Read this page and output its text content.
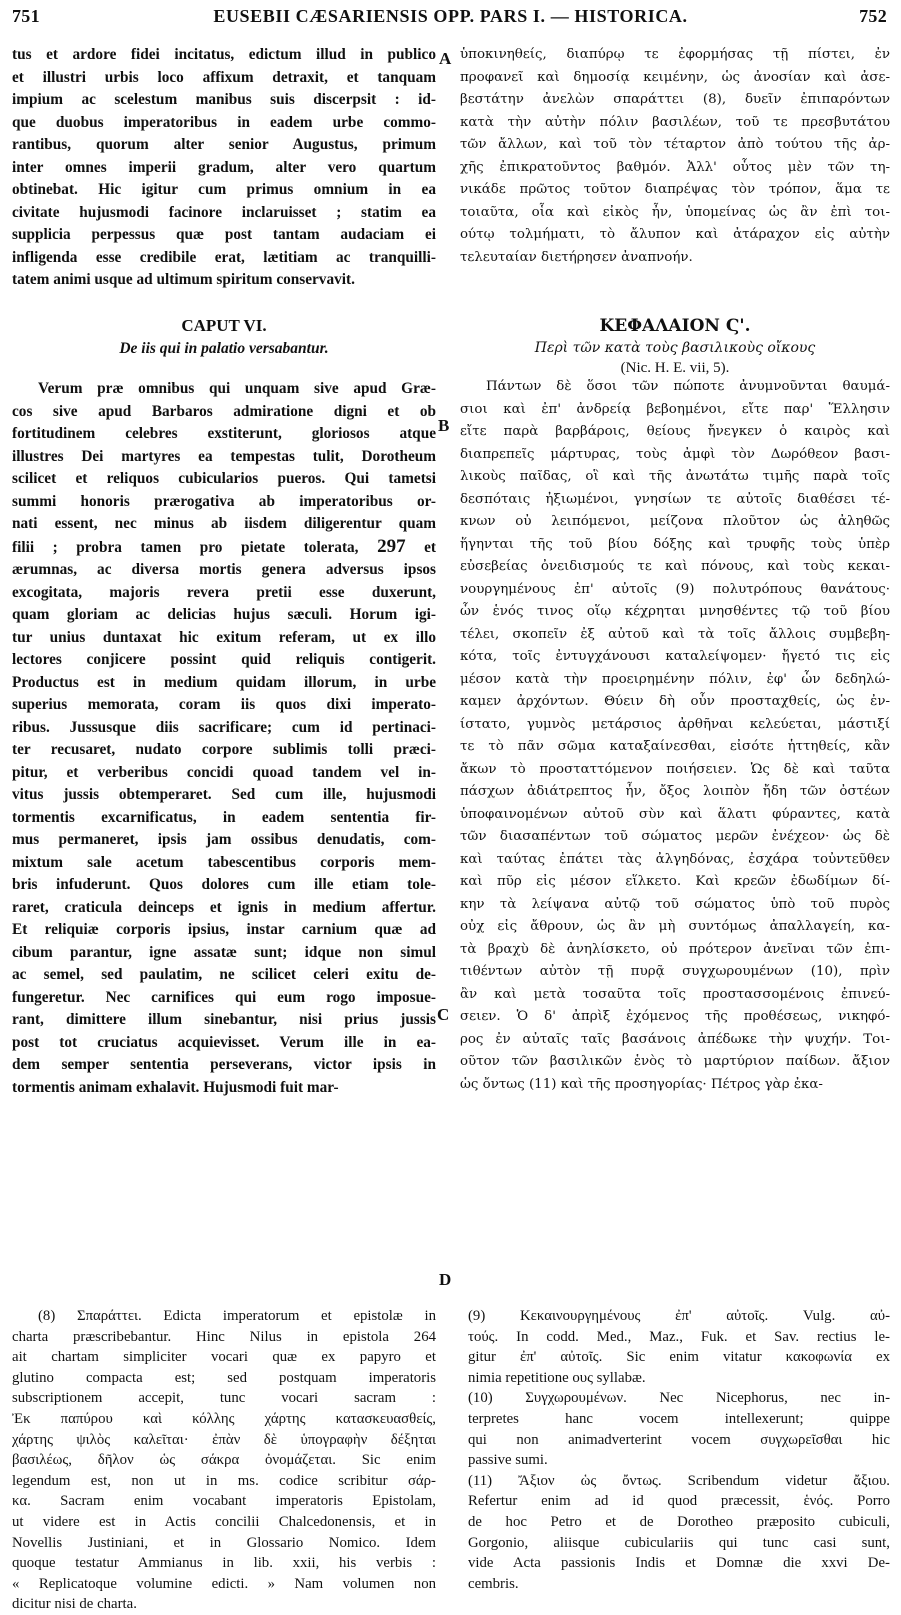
751	EUSEBII CÆSARIENSIS OPP. PARS I. — HISTORICA.	752

tus et ardore fidei incitatus, edictum illud in publico

et illustri urbis loco affixum detraxit, et tanquam

impium ac scelestum manibus suis discerpsit : id-

que duobus imperatoribus in eadem urbe commo-

rantibus, quorum alter senior Augustus, primum

inter omnes imperii gradum, alter vero quartum

obtinebat. Hic igitur cum primus omnium in ea

civitate hujusmodi facinore inclaruisset ; statim ea

supplicia perpessus quæ post tantam audaciam ei

infligenda esse credibile erat, lætitiam ac tranquilli-

tatem animi usque ad ultimum spiritum conservavit.

ὑποκινηθείς, διαπύρῳ τε ἐφορμήσας τῇ πίστει, ἐν

προφανεῖ καὶ δημοσίᾳ κειμένην, ὡς ἀνοσίαν καὶ ἀσε-

βεστάτην ἀνελὼν σπαράττει (8), δυεῖν ἐπιπαρόντων

κατὰ τὴν αὐτὴν πόλιν βασιλέων, τοῦ τε πρεσβυτάτου

τῶν ἄλλων, καὶ τοῦ τὸν τέταρτον ἀπὸ τούτου τῆς ἀρ-

χῆς ἐπικρατοῦντος βαθμόν. Ἀλλ' οὗτος μὲν τῶν τη-

νικάδε πρῶτος τοῦτον διαπρέψας τὸν τρόπον, ἅμα τε

τοιαῦτα, οἷα καὶ εἰκὸς ἦν, ὑπομείνας ὡς ἂν ἐπὶ τοι-

ούτῳ τολμήματι, τὸ ἄλυπον καὶ ἀτάραχον εἰς αὐτὴν

τελευταίαν διετήρησεν ἀναπνοήν.

A
B
C
D
CAPUT VI.
De iis qui in palatio versabantur.
ΚΕΦΑΛΑΙΟΝ Ϛ'.
Περὶ τῶν κατὰ τοὺς βασιλικοὺς οἴκους
(Nic. H. E. vii, 5).

Verum præ omnibus qui unquam sive apud Græ-

cos sive apud Barbaros admiratione digni et ob

fortitudinem celebres exstiterunt, gloriosos atque

illustres Dei martyres ea tempestas tulit, Dorotheum

scilicet et reliquos cubicularios pueros. Qui tametsi

summi honoris prærogativa ab imperatoribus or-

nati essent, nec minus ab iisdem diligerentur quam

filii ; probra tamen pro pietate tolerata, 297 et

ærumnas, ac diversa mortis genera adversus ipsos

excogitata, majoris revera pretii esse duxerunt,

quam gloriam ac delicias hujus sæculi. Horum igi-

tur unius duntaxat hic exitum referam, ut ex illo

lectores conjicere possint quid reliquis contigerit.

Productus est in medium quidam illorum, in urbe

superius memorata, coram iis quos dixi imperato-

ribus. Jussusque diis sacrificare; cum id pertinaci-

ter recusaret, nudato corpore sublimis tolli præci-

pitur, et verberibus concidi quoad tandem vel in-

vitus jussis obtemperaret. Sed cum ille, hujusmodi

tormentis excarnificatus, in eadem sententia fir-

mus permaneret, ipsis jam ossibus denudatis, com-

mixtum sale acetum tabescentibus corporis mem-

bris infuderunt. Quos dolores cum ille etiam tole-

raret, craticula deinceps et ignis in medium affertur.

Et reliquiæ corporis ipsius, instar carnium quæ ad

cibum parantur, igne assatæ sunt; idque non simul

ac semel, sed paulatim, ne scilicet celeri exitu de-

fungeretur. Nec carnifices qui eum rogo imposue-

rant, dimittere illum sinebantur, nisi prius jussis

post tot cruciatus acquievisset. Verum ille in ea-

dem semper sententia perseverans, victor ipsis in

tormentis animam exhalavit. Hujusmodi fuit mar-

Πάντων δὲ ὅσοι τῶν πώποτε ἀνυμνοῦνται θαυμά-

σιοι καὶ ἐπ' ἀνδρείᾳ βεβοημένοι, εἴτε παρ' Ἕλλησιν

εἴτε παρὰ βαρβάροις, θείους ἤνεγκεν ὁ καιρὸς καὶ

διαπρεπεῖς μάρτυρας, τοὺς ἀμφὶ τὸν Δωρόθεον βασι-

λικοὺς παῖδας, οἳ καὶ τῆς ἀνωτάτω τιμῆς παρὰ τοῖς

δεσπόταις ἠξιωμένοι, γνησίων τε αὐτοῖς διαθέσει τέ-

κνων οὐ λειπόμενοι, μείζονα πλοῦτον ὡς ἀληθῶς

ἥγηνται τῆς τοῦ βίου δόξης καὶ τρυφῆς τοὺς ὑπὲρ

εὐσεβείας ὀνειδισμούς τε καὶ πόνους, καὶ τοὺς κεκαι-

νουργημένους ἐπ' αὐτοῖς (9) πολυτρόπους θανάτους·

ὧν ἑνός τινος οἵῳ κέχρηται μνησθέντες τῷ τοῦ βίου

τέλει, σκοπεῖν ἐξ αὐτοῦ καὶ τὰ τοῖς ἄλλοις συμβεβη-

κότα, τοῖς ἐντυγχάνουσι καταλείψομεν· ἤγετό τις εἰς

μέσον κατὰ τὴν προειρημένην πόλιν, ἐφ' ὧν δεδηλώ-

καμεν ἀρχόντων. Θύειν δὴ οὖν προσταχθείς, ὡς ἐν-

ίστατο, γυμνὸς μετάρσιος ἀρθῆναι κελεύεται, μάστιξί

τε τὸ πᾶν σῶμα καταξαίνεσθαι, εἰσότε ἡττηθείς, κἂν

ἄκων τὸ προσταττόμενον ποιήσειεν. Ὡς δὲ καὶ ταῦτα

πάσχων ἀδιάτρεπτος ἦν, ὄξος λοιπὸν ἤδη τῶν ὀστέων

ὑποφαινομένων αὐτοῦ σὺν καὶ ἅλατι φύραντες, κατὰ

τῶν διασαπέντων τοῦ σώματος μερῶν ἐνέχεον· ὡς δὲ

καὶ ταύτας ἐπάτει τὰς ἀλγηδόνας, ἐσχάρα τοὐντεῦθεν

καὶ πῦρ εἰς μέσον εἵλκετο. Καὶ κρεῶν ἐδωδίμων δί-

κην τὰ λείψανα αὐτῷ τοῦ σώματος ὑπὸ τοῦ πυρὸς

οὐχ εἰς ἄθρουν, ὡς ἂν μὴ συντόμως ἀπαλλαγείη, κα-

τὰ βραχὺ δὲ ἀνηλίσκετο, οὐ πρότερον ἀνεῖναι τῶν ἐπι-

τιθέντων αὐτὸν τῇ πυρᾷ συγχωρουμένων (10), πρὶν

ἂν καὶ μετὰ τοσαῦτα τοῖς προστασσομένοις ἐπινεύ-

σειεν. Ὁ δ' ἀπρὶξ ἐχόμενος τῆς προθέσεως, νικηφό-

ρος ἐν αὐταῖς ταῖς βασάνοις ἀπέδωκε τὴν ψυχήν. Τοι-

οῦτον τῶν βασιλικῶν ἑνὸς τὸ μαρτύριον παίδων. ἄξιον

ὡς ὄντως (11) καὶ τῆς προσηγορίας· Πέτρος γὰρ ἐκα-

(8) Σπαράττει. Edicta imperatorum et epistolæ in

charta præscribebantur. Hinc Nilus in epistola 264

ait chartam simpliciter vocari quæ ex papyro et

glutino compacta est; sed postquam imperatoris

subscriptionem accepit, tunc vocari sacram :

Ἐκ παπύρου καὶ κόλλης χάρτης κατασκευασθείς,

χάρτης ψιλὸς καλεῖται· ἐπὰν δὲ ὑπογραφὴν δέξηται

βασιλέως, δῆλον ὡς σάκρα ὀνομάζεται. Sic enim

legendum est, non ut in ms. codice scribitur σάρ-

κα. Sacram enim vocabant imperatoris Epistolam,

ut videre est in Actis concilii Chalcedonensis, et in

Novellis Justiniani, et in Glossario Nomico. Idem

quoque testatur Ammianus in lib. xxii, his verbis :

« Replicatoque volumine edicti. » Nam volumen non

dicitur nisi de charta.

(9) Κεκαινουργημένους ἐπ' αὐτοῖς. Vulg. αὐ-

τούς. In codd. Med., Maz., Fuk. et Sav. rectius le-

gitur ἐπ' αὐτοῖς. Sic enim vitatur κακοφωνία ex

nimia repetitione ους syllabæ.

(10) Συγχωρουμένων. Nec Nicephorus, nec in-

terpretes hanc vocem intellexerunt; quippe

qui non animadverterint vocem συγχωρεῖσθαι hic

passive sumi.

(11) Ἄξιον ὡς ὄντως. Scribendum videtur ἄξιου.

Refertur enim ad id quod præcessit, ἑνός. Porro

de hoc Petro et de Dorotheo præposito cubiculi,

Gorgonio, aliisque cubiculariis qui tunc casi sunt,

vide Acta passionis Indis et Domnæ die xxvi De-

cembris.
